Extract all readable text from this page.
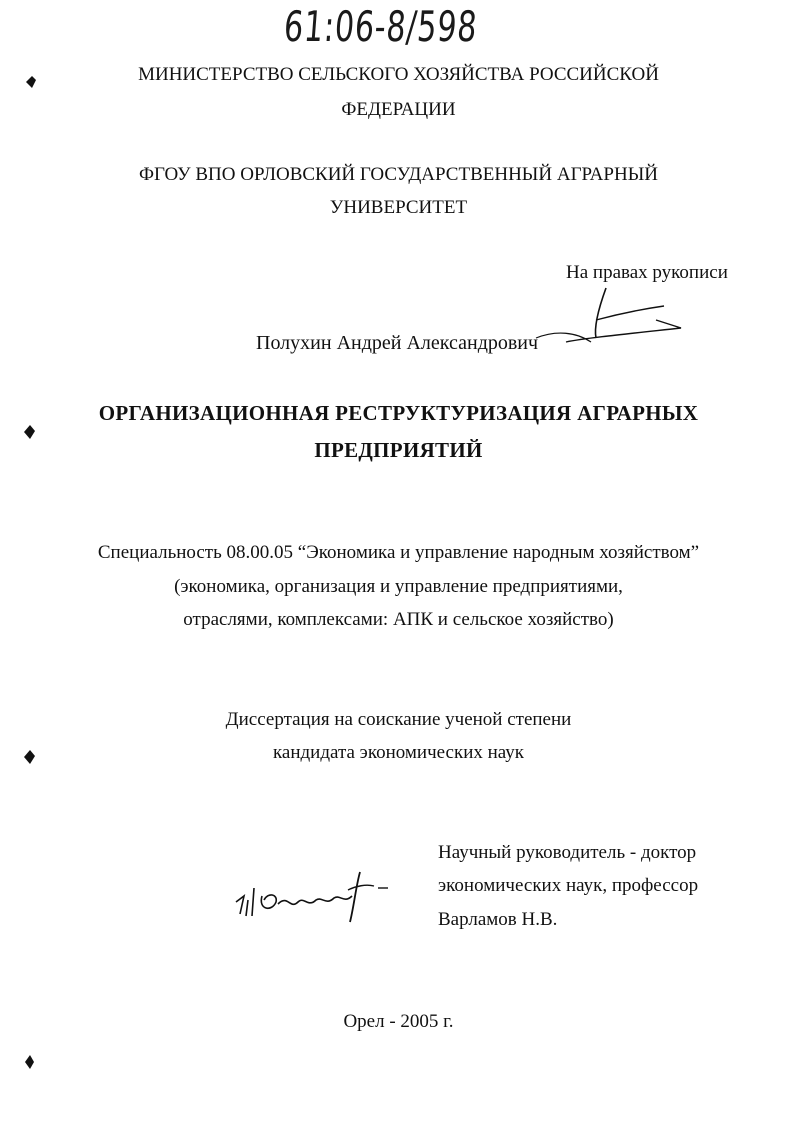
61:06-8/598
МИНИСТЕРСТВО СЕЛЬСКОГО ХОЗЯЙСТВА РОССИЙСКОЙ
ФЕДЕРАЦИИ
ФГОУ ВПО ОРЛОВСКИЙ ГОСУДАРСТВЕННЫЙ АГРАРНЫЙ
УНИВЕРСИТЕТ
На правах рукописи
Полухин Андрей Александрович
ОРГАНИЗАЦИОННАЯ РЕСТРУКТУРИЗАЦИЯ АГРАРНЫХ
ПРЕДПРИЯТИЙ
Специальность 08.00.05 “Экономика и управление народным хозяйством”
(экономика, организация и управление предприятиями,
отраслями, комплексами: АПК и сельское хозяйство)
Диссертация на соискание ученой степени
кандидата экономических наук
Научный руководитель - доктор
экономических наук, профессор
Варламов Н.В.
Орел - 2005 г.
